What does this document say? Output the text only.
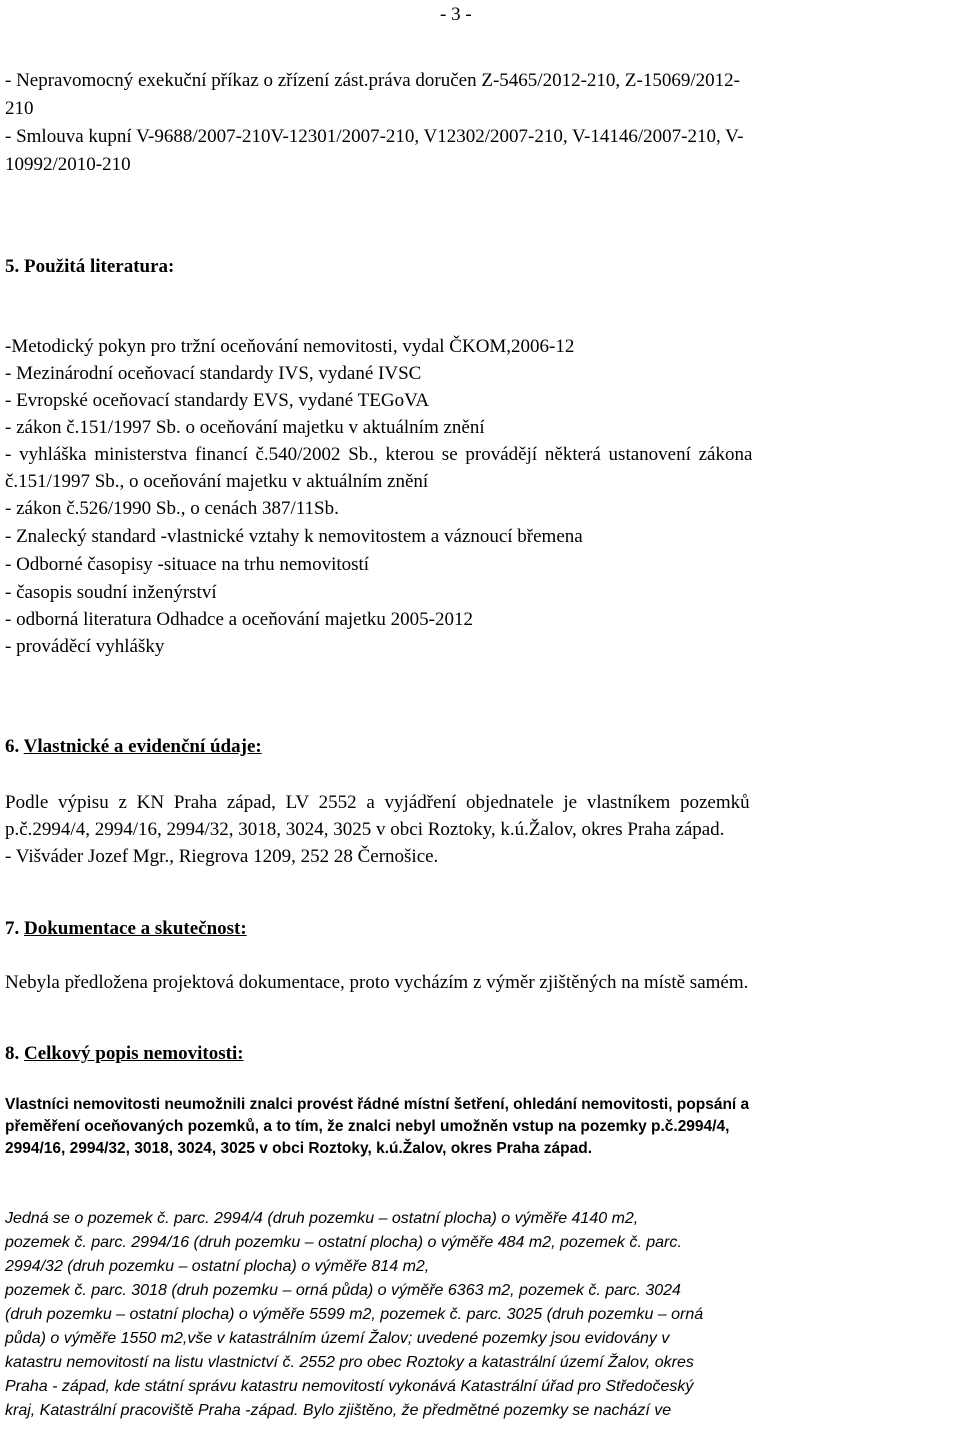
- 3 -
- Nepravomocný exekuční příkaz o zřízení zást.práva doručen Z-5465/2012-210, Z-15069/2012-
210
- Smlouva kupní V-9688/2007-210V-12301/2007-210, V12302/2007-210, V-14146/2007-210, V-
10992/2010-210
5. Použitá literatura:
-Metodický pokyn pro tržní oceňování nemovitosti, vydal ČKOM,2006-12
- Mezinárodní oceňovací standardy IVS, vydané IVSC
- Evropské oceňovací standardy EVS, vydané TEGoVA
- zákon č.151/1997 Sb. o oceňování majetku v aktuálním znění
- vyhláška ministerstva financí č.540/2002 Sb., kterou se provádějí některá ustanovení zákona
č.151/1997 Sb., o oceňování majetku v aktuálním znění
- zákon č.526/1990 Sb., o cenách 387/11Sb.
- Znalecký standard -vlastnické vztahy k nemovitostem a váznoucí břemena
- Odborné časopisy -situace na trhu nemovitostí
- časopis soudní inženýrství
- odborná literatura Odhadce a oceňování majetku 2005-2012
- prováděcí vyhlášky
6. Vlastnické a evidenční údaje:
Podle výpisu z KN Praha západ, LV 2552 a vyjádření objednatele je vlastníkem pozemků
p.č.2994/4, 2994/16, 2994/32, 3018, 3024, 3025 v obci Roztoky, k.ú.Žalov, okres Praha západ.
- Višváder Jozef Mgr., Riegrova 1209, 252 28 Černošice.
7. Dokumentace a skutečnost:
Nebyla předložena projektová dokumentace, proto vycházím z výměr zjištěných na místě samém.
8. Celkový popis nemovitosti:
Vlastníci nemovitosti neumožnili znalci provést řádné místní šetření, ohledání nemovitosti, popsání a
přeměření oceňovaných pozemků, a to tím, že znalci nebyl umožněn vstup na pozemky p.č.2994/4,
2994/16, 2994/32, 3018, 3024, 3025 v obci Roztoky, k.ú.Žalov, okres Praha západ.
Jedná se o pozemek č. parc. 2994/4 (druh pozemku – ostatní plocha) o výměře 4140 m2,
pozemek č. parc. 2994/16 (druh pozemku – ostatní plocha) o výměře 484 m2, pozemek č. parc.
2994/32 (druh pozemku – ostatní plocha) o výměře 814 m2,
pozemek č. parc. 3018 (druh pozemku – orná půda) o výměře 6363 m2, pozemek č. parc. 3024
(druh pozemku – ostatní plocha) o výměře 5599 m2, pozemek č. parc. 3025 (druh pozemku – orná
půda) o výměře 1550 m2,vše v katastrálním území Žalov; uvedené pozemky jsou evidovány v
katastru nemovitostí na listu vlastnictví č. 2552 pro obec Roztoky a katastrální území Žalov, okres
Praha - západ, kde státní správu katastru nemovitostí vykonává Katastrální úřad pro Středočeský
kraj, Katastrální pracoviště Praha -západ. Bylo zjištěno, že předmětné pozemky se nachází ve
